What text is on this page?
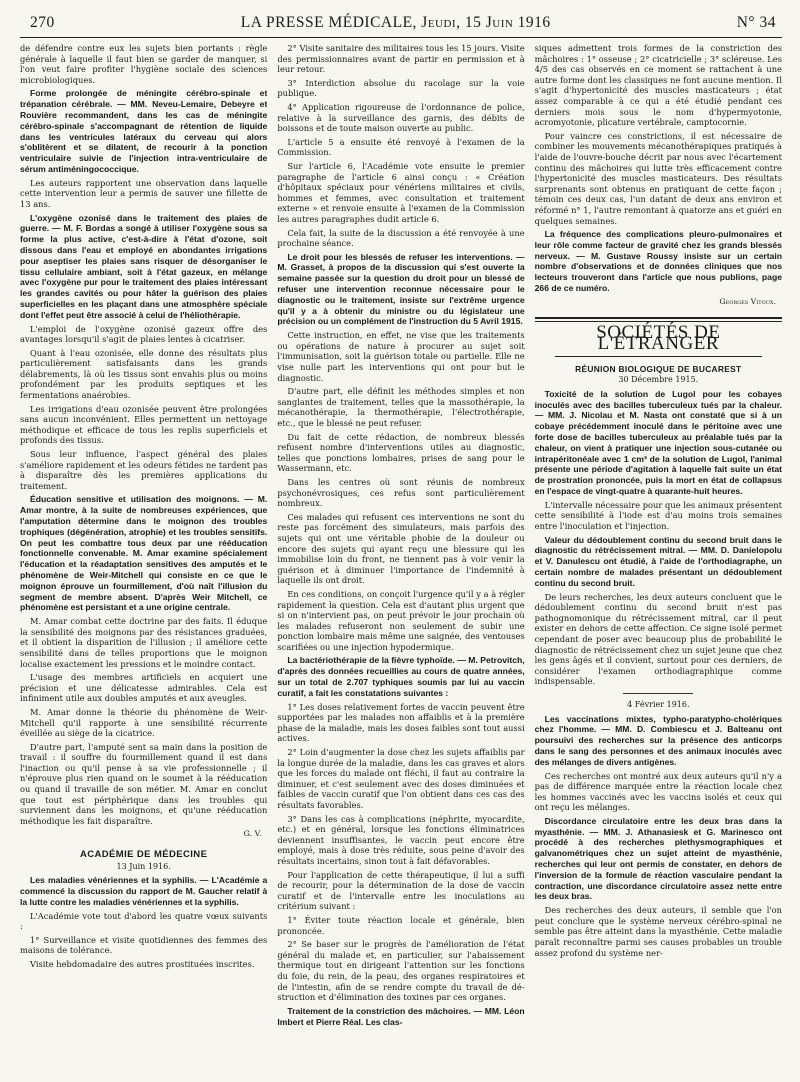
270	LA PRESSE MÉDICALE, Jeudi, 15 Juin 1916	N° 34

de défendre contre eux les sujets bien portants : règle générale à laquelle il faut bien se garder de manquer, si l'on veut faire profiter l'hygiène sociale des sciences microbiologiques.

Forme prolongée de méningite cérébro-spinale et trépanation cérébrale. — MM. Neveu-Lemaire, Debeyre et Rouvière recommandent, dans les cas de méningite cérébro-spinale s'accompagnant de rétention de liquide dans les ventricules latéraux du cerveau qui alors s'oblitèrent et se dilatent, de recourir à la ponction ventriculaire suivie de l'injection intra-ventriculaire de sérum antiméningococcique.

Les auteurs rapportent une observation dans laquelle cette intervention leur a permis de sauver une fillette de 13 ans.

L'oxygène ozonisé dans le traitement des plaies de guerre. — M. F. Bordas a songé à utiliser l'oxygène sous sa forme la plus active, c'est-à-dire à l'état d'ozone, soit dissous dans l'eau et employé en abondantes irrigations pour aseptiser les plaies sans risquer de désorganiser le tissu cellulaire ambiant, soit à l'état gazeux, en mélange avec l'oxygène pur pour le traitement des plaies intéressant les grandes cavités ou pour hâter la guérison des plaies superficielles en les plaçant dans une atmosphère spéciale dont l'effet peut être associé à celui de l'héliothérapie.

L'emploi de l'oxygène ozonisé gazeux offre des avantages lorsqu'il s'agit de plaies lentes à cicatriser.

Quant à l'eau ozonisée, elle donne des résultats plus particulièrement satisfaisants dans les grands délabrements, là où les tissus sont envahis plus ou moins profondément par les produits septiques et les fermentations anaérobies.

Les irrigations d'eau ozonisée peuvent être prolongées sans aucun inconvénient. Elles permettent un nettoyage méthodique et efficace de tous les replis superficiels et profonds des tissus.

Sous leur influence, l'aspect général des plaies s'améliore rapidement et les odeurs fétides ne tardent pas à disparaître dès les premières applications du traitement.

Éducation sensitive et utilisation des moignons. — M. Amar montre, à la suite de nombreuses expériences, que l'amputation détermine dans le moignon des troubles trophiques (dégénération, atrophie) et les troubles sensitifs. On peut les combattre tous deux par une rééducation fonctionnelle convenable. M. Amar examine spécialement l'éducation et la réadaptation sensitives des amputés et le phénomène de Weir-Mitchell qui consiste en ce que le moignon éprouve un fourmillement, d'où naît l'illusion du segment de membre absent. D'après Weir Mitchell, ce phénomène est persistant et a une origine centrale.

M. Amar combat cette doctrine par des faits. Il éduque la sensibilité des moignons par des résistances graduées, et il obtient la disparition de l'illusion ; il améliore cette sensibilité dans de telles proportions que le moignon localise exactement les pressions et le moindre contact.

L'usage des membres artificiels en acquiert une précision et une délicatesse admirables. Cela est infiniment utile aux doubles amputés et aux aveugles.

M. Amar donne la théorie du phénomène de Weir-Mitchell qu'il rapporte à une sensibilité récurrente éveillée au siège de la cicatrice.

D'autre part, l'amputé sent sa main dans la position de travail : il souffre du fourmillement quand il est dans l'inaction ou qu'il pense à sa vie professionnelle ; il n'éprouve plus rien quand on le soumet à la rééducation ou quand il travaille de son métier. M. Amar en conclut que tout est périphérique dans les troubles qui surviennent dans les moignons, et qu'une rééducation méthodique les fait disparaître.

G. V.
ACADÉMIE DE MÉDECINE
13 Juin 1916.

Les maladies vénériennes et la syphilis. — L'Académie a commencé la discussion du rapport de M. Gaucher relatif à la lutte contre les maladies vénériennes et la syphilis.

L'Académie vote tout d'abord les quatre vœux suivants :

1° Surveillance et visite quotidiennes des femmes des maisons de tolérance.

Visite hebdomadaire des autres prostituées inscrites.

2° Visite sanitaire des militaires tous les 15 jours. Visite des permissionnaires avant de partir en permission et à leur retour.

3° Interdiction absolue du racolage sur la voie publique.

4° Application rigoureuse de l'ordonnance de police, relative à la surveillance des garnis, des débits de boissons et de toute maison ouverte au public.

L'article 5 a ensuite été renvoyé à l'examen de la Commission.

Sur l'article 6, l'Académie vote ensuite le premier paragraphe de l'article 6 ainsi conçu : « Création d'hôpitaux spéciaux pour vénériens militaires et civils, hommes et femmes, avec consultation et traitement externe » et renvoie ensuite à l'examen de la Commission les autres paragraphes dudit article 6.

Cela fait, la suite de la discussion a été renvoyée à une prochaine séance.

Le droit pour les blessés de refuser les interventions. — M. Grasset, à propos de la discussion qui s'est ouverte la semaine passée sur la question du droit pour un blessé de refuser une intervention reconnue nécessaire pour le diagnostic ou le traitement, insiste sur l'extrême urgence qu'il y a à obtenir du ministre ou du législateur une précision ou un complément de l'instruction du 5 Avril 1915.

Cette instruction, en effet, ne vise que les traitements ou opérations de nature à procurer au sujet soit l'immunisation, soit la guérison totale ou partielle. Elle ne vise nulle part les interventions qui ont pour but le diagnostic.

D'autre part, elle définit les méthodes simples et non sanglantes de traitement, telles que la massothérapie, la mécanothérapie, la thermothérapie, l'électrothérapie, etc., que le blessé ne peut refuser.

Du fait de cette rédaction, de nombreux blessés refusent nombre d'interventions utiles au diagnostic, telles que ponctions lombaires, prises de sang pour le Wassermann, etc.

Dans les centres où sont réunis de nombreux psychonévrosiques, ces refus sont particulièrement nombreux.

Ces malades qui refusent ces interventions ne sont du reste pas forcément des simulateurs, mais parfois des sujets qui ont une véritable phobie de la douleur ou encore des sujets qui ayant reçu une blessure qui les immobilise loin du front, ne tiennent pas à voir venir la guérison et à diminuer l'importance de l'indemnité à laquelle ils ont droit.

En ces conditions, on conçoit l'urgence qu'il y a à régler rapidement la question. Cela est d'autant plus urgent que si on n'intervient pas, on peut prévoir le jour prochain où les malades refuseront non seulement de subir une ponction lombaire mais même une saignée, des ventouses scarifiées ou une injection hypodermique.

La bactériothérapie de la fièvre typhoïde. — M. Petrovitch, d'après des données recueillies au cours de quatre années, sur un total de 2.707 typhiques soumis par lui au vaccin curatif, a fait les constatations suivantes :

1° Les doses relativement fortes de vaccin peuvent être supportées par les malades non affaiblis et à la première phase de la maladie, mais les doses faibles sont tout aussi actives.

2° Loin d'augmenter la dose chez les sujets affaiblis par la longue durée de la maladie, dans les cas graves et alors que les forces du malade ont fléchi, il faut au contraire la diminuer, et c'est seulement avec des doses diminuées et faibles de vaccin curatif que l'on obtient dans ces cas des résultats favorables.

3° Dans les cas à complications (néphrite, myocardite, etc.) et en général, lorsque les fonctions éliminatrices deviennent insuffisantes, le vaccin peut encore être employé, mais à dose très réduite, sous peine d'avoir des résultats incertains, sinon tout à fait défavorables.

Pour l'application de cette thérapeutique, il lui a suffi de recourir, pour la détermination de la dose de vaccin curatif et de l'intervalle entre les inoculations au critérium suivant :

1° Éviter toute réaction locale et générale, bien prononcée.

2° Se baser sur le progrès de l'amélioration de l'état général du malade et, en particulier, sur l'abaissement thermique tout en dirigeant l'attention sur les fonctions du foie, du rein, de la peau, des organes respiratoires et de l'intestin, afin de se rendre compte du travail de dé-struction et d'élimination des toxines par ces organes.

Traitement de la constriction des mâchoires. — MM. Léon Imbert et Pierre Réal. Les clas-

siques admettent trois formes de la constriction des mâchoires : 1° osseuse ; 2° cicatricielle ; 3° scléreuse. Les 4/5 des cas observés en ce moment se rattachent à une autre forme dont les classiques ne font aucune mention. Il s'agit d'hypertonicité des muscles masticateurs ; état assez comparable à ce qui a été étudié pendant ces derniers mois sous le nom d'hypermyotonie, acromyotonie, plicature vertébrale, camptocornie.

Pour vaincre ces constrictions, il est nécessaire de combiner les mouvements mécanothérapiques pratiqués à l'aide de l'ouvre-bouche décrit par nous avec l'écartement continu des mâchoires qui lutte très efficacement contre l'hypertonicité des muscles masticateurs. Des résultats surprenants sont obtenus en pratiquant de cette façon ; témoin ces deux cas, l'un datant de deux ans environ et réformé n° 1, l'autre remontant à quatorze ans et guéri en quelques semaines.

La fréquence des complications pleuro-pulmonaires et leur rôle comme facteur de gravité chez les grands blessés nerveux. — M. Gustave Roussy insiste sur un certain nombre d'observations et de données cliniques que nos lecteurs trouveront dans l'article que nous publions, page 266 de ce numéro.

Georges Vitoux.
SOCIÉTÉS DE L'ÉTRANGER
RÉUNION BIOLOGIQUE DE BUCAREST
30 Décembre 1915.

Toxicité de la solution de Lugol pour les cobayes inoculés avec des bacilles tuberculeux tués par la chaleur. — MM. J. Nicolau et M. Nasta ont constaté que si à un cobaye précédemment inoculé dans le péritoine avec une forte dose de bacilles tuberculeux au préalable tués par la chaleur, on vient à pratiquer une injection sous-cutanée ou intrapéritonéale avec 1 cm³ de la solution de Lugol, l'animal présente une période d'agitation à laquelle fait suite un état de prostration prononcée, puis la mort en état de collapsus en l'espace de vingt-quatre à quarante-huit heures.

L'intervalle nécessaire pour que les animaux présentent cette sensibilité à l'iode est d'au moins trois semaines entre l'inoculation et l'injection.

Valeur du dédoublement continu du second bruit dans le diagnostic du rétrécissement mitral. — MM. D. Danielopolu et V. Danulescu ont étudié, à l'aide de l'orthodiagraphe, un certain nombre de malades présentant un dédoublement continu du second bruit.

De leurs recherches, les deux auteurs concluent que le dédoublement continu du second bruit n'est pas pathognomonique du rétrécissement mitral, car il peut exister en dehors de cette affection. Ce signe isolé permet cependant de poser avec beaucoup plus de probabilité le diagnostic de rétrécissement chez un sujet jeune que chez les gens âgés et il convient, surtout pour ces derniers, de considérer l'examen orthodiagraphique comme indispensable.

4 Février 1916.

Les vaccinations mixtes, typho-paratypho-cholériques chez l'homme. — MM. D. Combiescu et J. Balteanu ont poursuivi des recherches sur la présence des anticorps dans le sang des personnes et des animaux inoculés avec des mélanges de divers antigènes.

Ces recherches ont montré aux deux auteurs qu'il n'y a pas de différence marquée entre la réaction locale chez les hommes vaccinés avec les vaccins isolés et ceux qui ont reçu les mélanges.

Discordance circulatoire entre les deux bras dans la myasthénie. — MM. J. Athanasiesk et G. Marinesco ont procédé à des recherches plethysmographiques et galvanométriques chez un sujet atteint de myasthénie, recherches qui leur ont permis de constater, en dehors de l'inversion de la formule de réaction vasculaire pendant la contraction, une discordance circulatoire assez nette entre les deux bras.

Des recherches des deux auteurs, il semble que l'on peut conclure que le système nerveux cérébro-spinal ne semble pas être atteint dans la myasthénie. Cette maladie paraît reconnaître parmi ses causes probables un trouble assez profond du système ner-
